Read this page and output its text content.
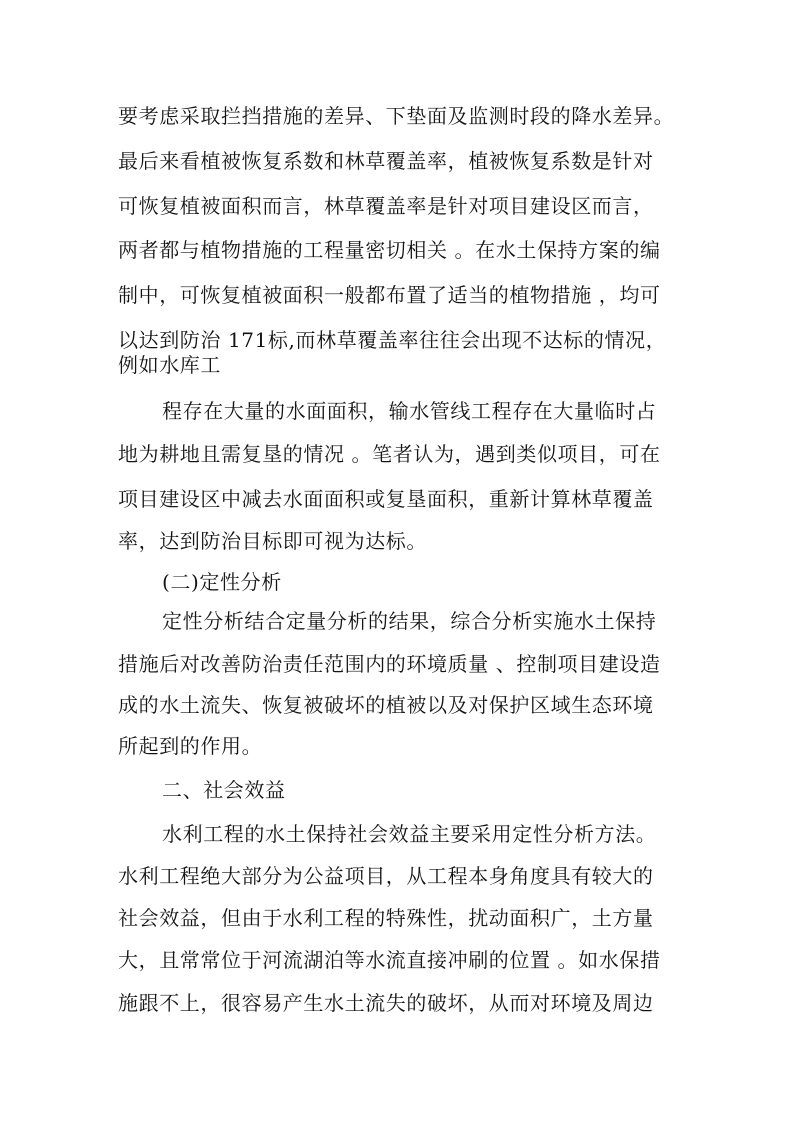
要考虑采取拦挡措施的差异、下垫面及监测时段的降水差异。
最后来看植被恢复系数和林草覆盖率，植被恢复系数是针对
可恢复植被面积而言，林草覆盖率是针对项目建设区而言，
两者都与植物措施的工程量密切相关 。在水土保持方案的编
制中，可恢复植被面积一般都布置了适当的植物措施 ，均可
以达到防治 171标,而林草覆盖率往往会出现不达标的情况，
例如水库工
程存在大量的水面面积，输水管线工程存在大量临时占
地为耕地且需复垦的情况 。笔者认为，遇到类似项目，可在
项目建设区中减去水面面积或复垦面积，重新计算林草覆盖
率，达到防治目标即可视为达标。
(二)定性分析
定性分析结合定量分析的结果，综合分析实施水土保持
措施后对改善防治责任范围内的环境质量 、控制项目建设造
成的水土流失、恢复被破坏的植被以及对保护区域生态环境
所起到的作用。
二、社会效益
水利工程的水土保持社会效益主要采用定性分析方法。
水利工程绝大部分为公益项目，从工程本身角度具有较大的
社会效益，但由于水利工程的特殊性，扰动面积广，土方量
大，且常常位于河流湖泊等水流直接冲刷的位置 。如水保措
施跟不上，很容易产生水土流失的破坏，从而对环境及周边
